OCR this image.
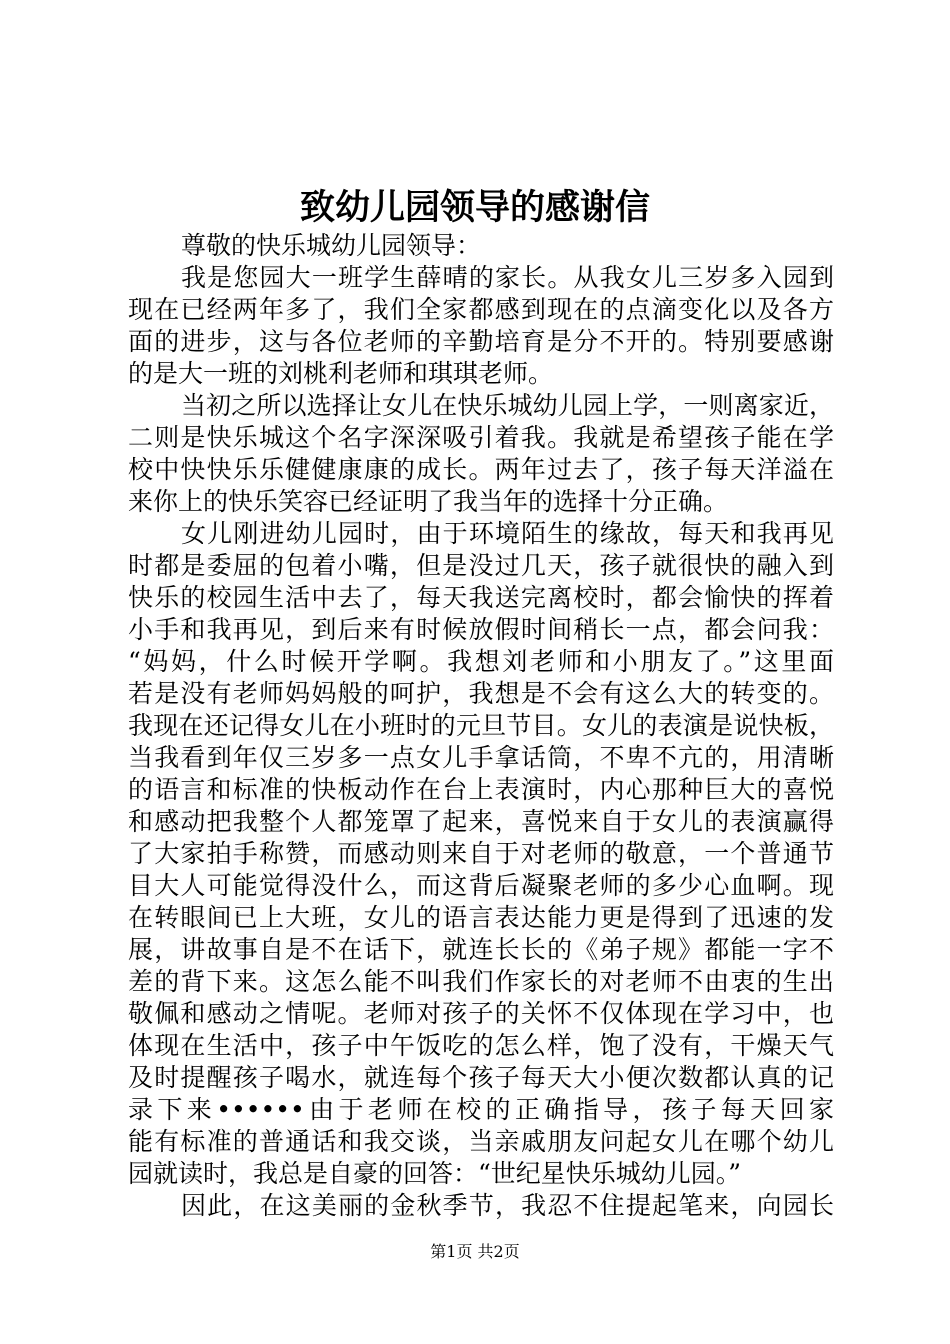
致幼儿园领导的感谢信
尊敬的快乐城幼儿园领导：
我是您园大一班学生薛晴的家长。从我女儿三岁多入园到
现在已经两年多了，我们全家都感到现在的点滴变化以及各方
面的进步，这与各位老师的辛勤培育是分不开的。特别要感谢
的是大一班的刘桃利老师和琪琪老师。
当初之所以选择让女儿在快乐城幼儿园上学，一则离家近，
二则是快乐城这个名字深深吸引着我。我就是希望孩子能在学
校中快快乐乐健健康康的成长。两年过去了，孩子每天洋溢在
来你上的快乐笑容已经证明了我当年的选择十分正确。
女儿刚进幼儿园时，由于环境陌生的缘故，每天和我再见
时都是委屈的包着小嘴，但是没过几天，孩子就很快的融入到
快乐的校园生活中去了，每天我送完离校时，都会愉快的挥着
小手和我再见，到后来有时候放假时间稍长一点，都会问我：
“妈妈，什么时候开学啊。我想刘老师和小朋友了。”这里面
若是没有老师妈妈般的呵护，我想是不会有这么大的转变的。
我现在还记得女儿在小班时的元旦节目。女儿的表演是说快板，
当我看到年仅三岁多一点女儿手拿话筒，不卑不亢的，用清晰
的语言和标准的快板动作在台上表演时，内心那种巨大的喜悦
和感动把我整个人都笼罩了起来，喜悦来自于女儿的表演赢得
了大家拍手称赞，而感动则来自于对老师的敬意，一个普通节
目大人可能觉得没什么，而这背后凝聚老师的多少心血啊。现
在转眼间已上大班，女儿的语言表达能力更是得到了迅速的发
展，讲故事自是不在话下，就连长长的《弟子规》都能一字不
差的背下来。这怎么能不叫我们作家长的对老师不由衷的生出
敬佩和感动之情呢。老师对孩子的关怀不仅体现在学习中，也
体现在生活中，孩子中午饭吃的怎么样，饱了没有，干燥天气
及时提醒孩子喝水，就连每个孩子每天大小便次数都认真的记
录下来••••••由于老师在校的正确指导，孩子每天回家
能有标准的普通话和我交谈，当亲戚朋友问起女儿在哪个幼儿
园就读时，我总是自豪的回答：“世纪星快乐城幼儿园。”
因此，在这美丽的金秋季节，我忍不住提起笔来，向园长
第1页 共2页
